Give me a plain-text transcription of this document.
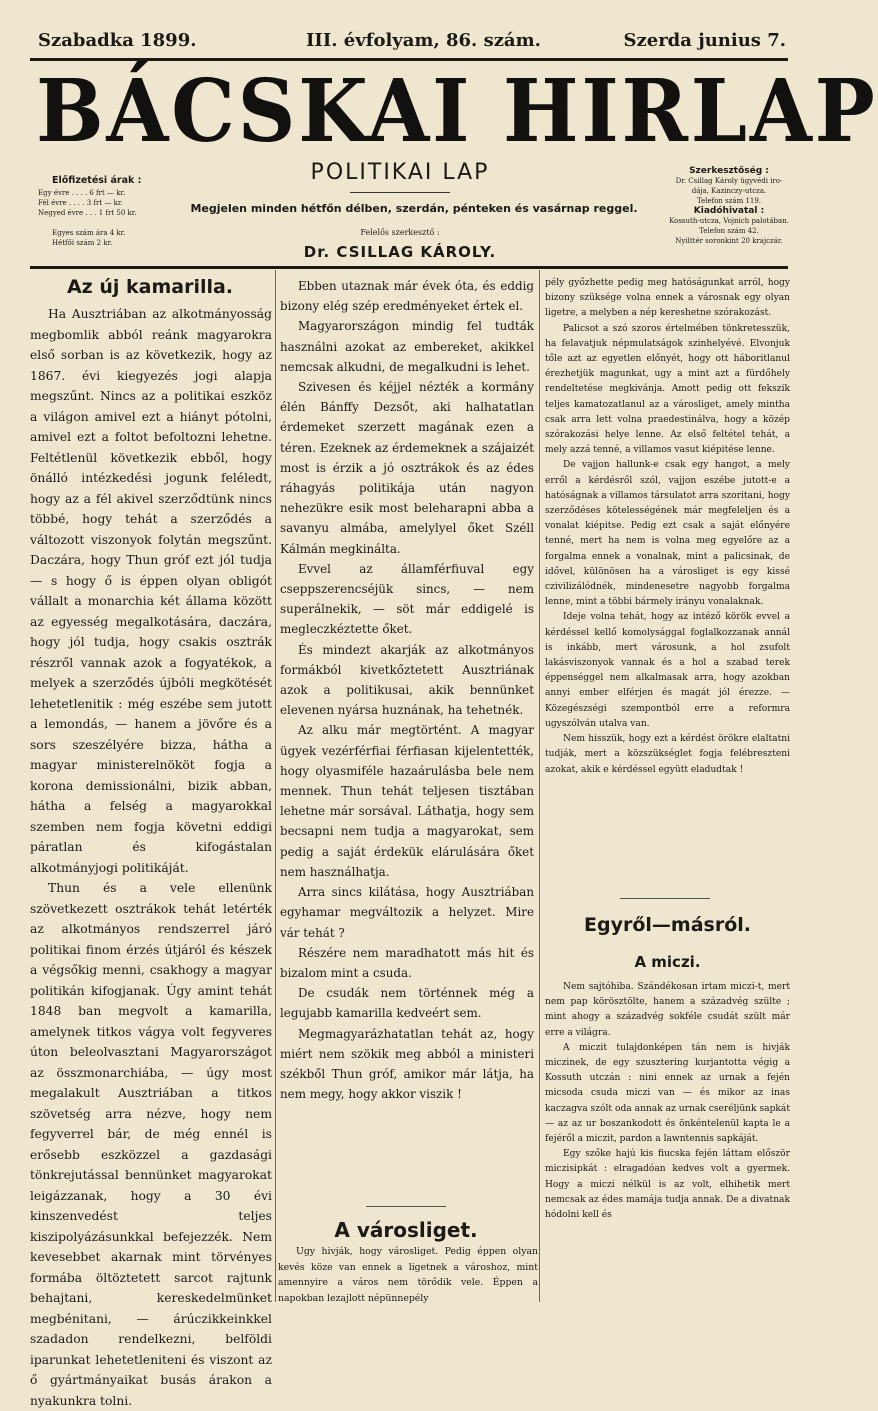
Szabadka 1899.	III. évfolyam, 86. szám.	Szerda junius 7.
BÁCSKAI HIRLAP
POLITIKAI LAP
Előfizetési árak :
Egy évre . . . . 6 frt — kr.
Fél évre . . . . 3 frt — kr.
Negyed évre . . . 1 frt 50 kr.
Egyes szám ára 4 kr.
Hétfői szám 2 kr.
Megjelen minden hétfőn délben, szerdán, pénteken és vasárnap reggel.
Felelős szerkesztő :
Dr. CSILLAG KÁROLY.
Szerkesztőség :
Dr. Csillag Károly ügyvédi iro-
dája, Kazinczy-utcza.
Telefon szám 119.
Kiadóhivatal :
Kossuth-utcza, Vojnich palotában.
Telefon szám 42.
Nyilttér soronkint 20 krajczár.
Az új kamarilla.

Ha Ausztriában az alkotmányosság megbomlik abból reánk magyarokra első sorban is az következik, hogy az 1867. évi kiegyezés jogi alapja megszűnt. Nincs az a politikai eszköz a világon amivel ezt a hiányt pótolni, amivel ezt a foltot befoltozni lehetne. Feltétlenül következik ebből, hogy önálló intézkedési jogunk feléledt, hogy az a fél akivel szerződtünk nincs többé, hogy tehát a szerződés a változott viszonyok folytán megszűnt. Daczára, hogy Thun gróf ezt jól tudja — s hogy ő is éppen olyan obligót vállalt a monarchia két állama között az egyesség megalkotására, daczára, hogy jól tudja, hogy csakis osztrák részről vannak azok a fogyatékok, a melyek a szerződés újbóli megkötését lehetetlenitik : még eszébe sem jutott a lemondás, — hanem a jövőre és a sors szeszélyére bizza, hátha a magyar ministerelnököt fogja a korona demissionálni, bizik abban, hátha a felség a magyarokkal szemben nem fogja követni eddigi páratlan és kifogástalan alkotmányjogi politikáját.

Thun és a vele ellenünk szövetkezett osztrákok tehát letérték az alkotmányos rendszerrel járó politikai finom érzés útjáról és készek a végsőkig menni, csakhogy a magyar politikán kifogjanak. Úgy amint tehát 1848 ban megvolt a kamarilla, amelynek titkos vágya volt fegyveres úton beleolvasztani Magyarországot az összmonarchiába, — úgy most megalakult Ausztriában a titkos szövetség arra nézve, hogy nem fegyverrel bár, de még ennél is erősebb eszközzel a gazdasági tönkrejutással bennünket magyarokat leigázzanak, hogy a 30 évi kinszenvedést teljes kiszipolyázásunkkal befejezzék. Nem kevesebbet akarnak mint törvényes formába öltöztetett sarcot rajtunk behajtani, kereskedelmünket megbénitani, — árúczikkeinkkel szadadon rendelkezni, belföldi iparunkat lehetetleniteni és viszont az ő gyártmányaikat busás árakon a nyakunkra tolni.

Ebben utaznak már évek óta, és eddig bizony elég szép eredményeket értek el.

Magyarországon mindig fel tudták használni azokat az embereket, akikkel nemcsak alkudni, de megalkudni is lehet.

Szivesen és kéjjel nézték a kormány élén Bánffy Dezsőt, aki halhatatlan érdemeket szerzett magának ezen a téren. Ezeknek az érdemeknek a szájaizét most is érzik a jó osztrákok és az édes ráhagyás politikája után nagyon nehezükre esik most beleharapni abba a savanyu almába, amelylyel őket Széll Kálmán megkinálta.

Evvel az államférfiuval egy cseppszerencséjük sincs, — nem superálnekik, — söt már eddigelé is megleczkéztette őket.

És mindezt akarják az alkotmányos formákból kivetkőztetett Ausztriának azok a politikusai, akik bennünket elevenen nyársa huznának, ha tehetnék.

Az alku már megtörtént. A magyar ügyek vezérférfiai férfiasan kijelentették, hogy olyasmiféle hazaárulásba bele nem mennek. Thun tehát teljesen tisztában lehetne már sorsával. Láthatja, hogy sem becsapni nem tudja a magyarokat, sem pedig a saját érdekük elárulására őket nem használhatja.

Arra sincs kilátása, hogy Ausztriában egyhamar megváltozik a helyzet. Mire vár tehát ?

Részére nem maradhatott más hit és bizalom mint a csuda.

De csudák nem történnek még a legujabb kamarilla kedveért sem.

Megmagyarázhatatlan tehát az, hogy miért nem szökik meg abból a ministeri székből Thun gróf, amikor már látja, ha nem megy, hogy akkor viszik !

A városliget.

Ugy hivják, hogy városliget. Pedig éppen olyan kevés köze van ennek a ligetnek a városhoz, mint amennyire a város nem törődik vele. Éppen a napokban lezajlott népünnepély

pély győzhette pedig meg hatóságunkat arról, hogy bizony szüksége volna ennek a városnak egy olyan ligetre, a melyben a nép kereshetne szórakozást.

Palicsot a szó szoros értelmében tönkretesszük, ha felavatjuk népmulatságok szinhelyévé. Elvonjuk tőle azt az egyetlen előnyét, hogy ott háboritlanul érezhetjük magunkat, ugy a mint azt a fürdőhely rendeltetése megkivánja. Amott pedig ott fekszik teljes kamatozatlanul az a városliget, amely mintha csak arra lett volna praedestinálva, hogy a közép szórakozási helye lenne. Az első feltétel tehát, a mely azzá tenné, a villamos vasut kiépitése lenne.

De vajjon hallunk-e csak egy hangot, a mely erről a kérdésről szól, vajjon eszébe jutott-e a hatóságnak a villamos társulatot arra szoritani, hogy szerződéses kötelességének már megfeleljen és a vonalat kiépitse. Pedig ezt csak a saját előnyére tenné, mert ha nem is volna meg egyelőre az a forgalma ennek a vonalnak, mint a palicsinak, de idővel, különösen ha a városliget is egy kissé czivilizálódnék, mindenesetre nagyobb forgalma lenne, mint a többi bármely irányu vonalaknak.

Ideje volna tehát, hogy az intéző körök evvel a kérdéssel kellő komolysággal foglalkozzanak annál is inkább, mert városunk, a hol zsufolt lakásviszonyok vannak és a hol a szabad terek éppenséggel nem alkalmasak arra, hogy azokban annyi ember elférjen és magát jól érezze. — Közegészségi szempontból erre a reformra ugyszólván utalva van.

Nem hisszük, hogy ezt a kérdést örökre elaltatni tudják, mert a közszükséglet fogja felébreszteni azokat, akik e kérdéssel együtt eladudtak !

Egyről—másról.
A miczi.

Nem sajtóhiba. Szándékosan irtam miczi-t, mert nem pap körösztölte, hanem a századvég szülte ; mint ahogy a századvég sokféle csudát szült már erre a világra.

A miczit tulajdonképen tán nem is hivják miczinek, de egy szusztering kurjantotta végig a Kossuth utczán : nini ennek az urnak a fején micsoda csuda miczi van — és mikor az inas kaczagva szólt oda annak az urnak cseréljünk sapkát — az az ur boszankodott és önkéntelenül kapta le a fejéről a miczit, pardon a lawntennis sapkáját.

Egy szőke hajú kis fiucska fején láttam először miczisipkát : elragadóan kedves volt a gyermek. Hogy a miczi nélkül is az volt, elhihetik mert nemcsak az édes mamája tudja annak. De a divatnak hódolni kell és
